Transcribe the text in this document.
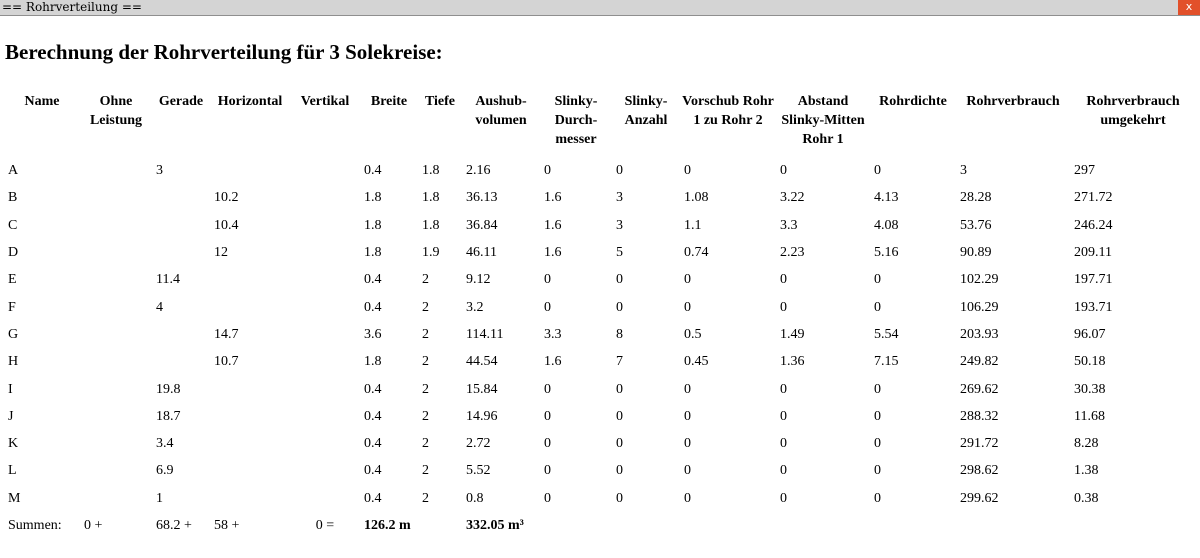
== Rohrverteilung ==	x
Berechnung der Rohrverteilung für 3 Solekreise:
Name	Ohne Leistung	Gerade	Horizontal	Vertikal	Breite	Tiefe	Aushub-volumen	Slinky-Durch-messer	Slinky-Anzahl	Vorschub Rohr 1 zu Rohr 2	Abstand Slinky-Mitten Rohr 1	Rohrdichte	Rohrverbrauch	Rohrverbrauch umgekehrt
A		3			0.4	1.8	2.16	0	0	0	0	0	3	297
B			10.2		1.8	1.8	36.13	1.6	3	1.08	3.22	4.13	28.28	271.72
C			10.4		1.8	1.8	36.84	1.6	3	1.1	3.3	4.08	53.76	246.24
D			12		1.8	1.9	46.11	1.6	5	0.74	2.23	5.16	90.89	209.11
E		11.4			0.4	2	9.12	0	0	0	0	0	102.29	197.71
F		4			0.4	2	3.2	0	0	0	0	0	106.29	193.71
G			14.7		3.6	2	114.11	3.3	8	0.5	1.49	5.54	203.93	96.07
H			10.7		1.8	2	44.54	1.6	7	0.45	1.36	7.15	249.82	50.18
I		19.8			0.4	2	15.84	0	0	0	0	0	269.62	30.38
J		18.7			0.4	2	14.96	0	0	0	0	0	288.32	11.68
K		3.4			0.4	2	2.72	0	0	0	0	0	291.72	8.28
L		6.9			0.4	2	5.52	0	0	0	0	0	298.62	1.38
M		1			0.4	2	0.8	0	0	0	0	0	299.62	0.38
Summen:	0 +	68.2 +	58 +	0 =	126.2 m		332.05 m³							
